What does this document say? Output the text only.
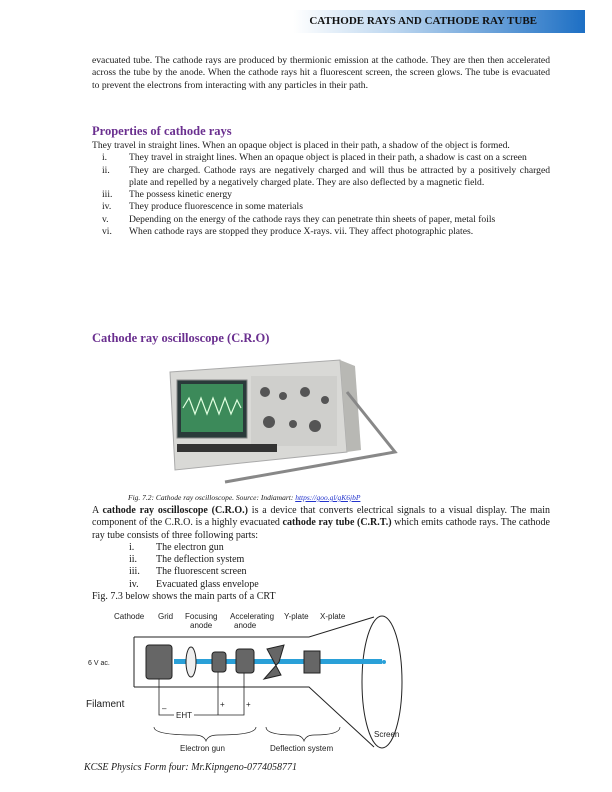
CATHODE RAYS AND CATHODE RAY TUBE
evacuated tube. The cathode rays are produced by thermionic emission at the cathode. They are then then accelerated across the tube by the anode. When the cathode rays hit a fluorescent screen, the screen glows. The tube is evacuated to prevent the electrons from interacting with any particles in their path.
Properties of cathode rays
They travel in straight lines. When an opaque object is placed in their path, a shadow of the object is formed.
i.	They travel in straight lines. When an opaque object is placed in their path, a shadow is cast on a screen
ii.	They are charged. Cathode rays are negatively charged and will thus be attracted by a positively charged plate and repelled by a negatively charged plate. They are also deflected by a magnetic field.
iii.	The possess kinetic energy
iv.	They produce fluorescence in some materials
v.	Depending on the energy of the cathode rays they can penetrate thin sheets of paper, metal foils
vi.	When cathode rays are stopped they produce X-rays. vii. They affect photographic plates.
Cathode ray oscilloscope (C.R.O)
Fig. 7.2: Cathode ray oscilloscope. Source: Indiamart: https://goo.gl/gK6jbP
A cathode ray oscilloscope (C.R.O.) is a device that converts electrical signals to a visual display. The main component of the C.R.O. is a highly evacuated cathode ray tube (C.R.T.) which emits cathode rays. The cathode ray tube consists of three following parts:
i.	The electron gun
ii.	The deflection system
iii.	The fluorescent screen
iv.	Evacuated glass envelope
Fig. 7.3 below shows the main parts of a CRT
Cathode Grid Focusing
anode
Accelerating
anode
Y-plate X-plate
6 V ac.
Filament	–
EHT
+	+
Electron gun	Deflection system
Screen
KCSE Physics Form four: Mr.Kipngeno-0774058771
